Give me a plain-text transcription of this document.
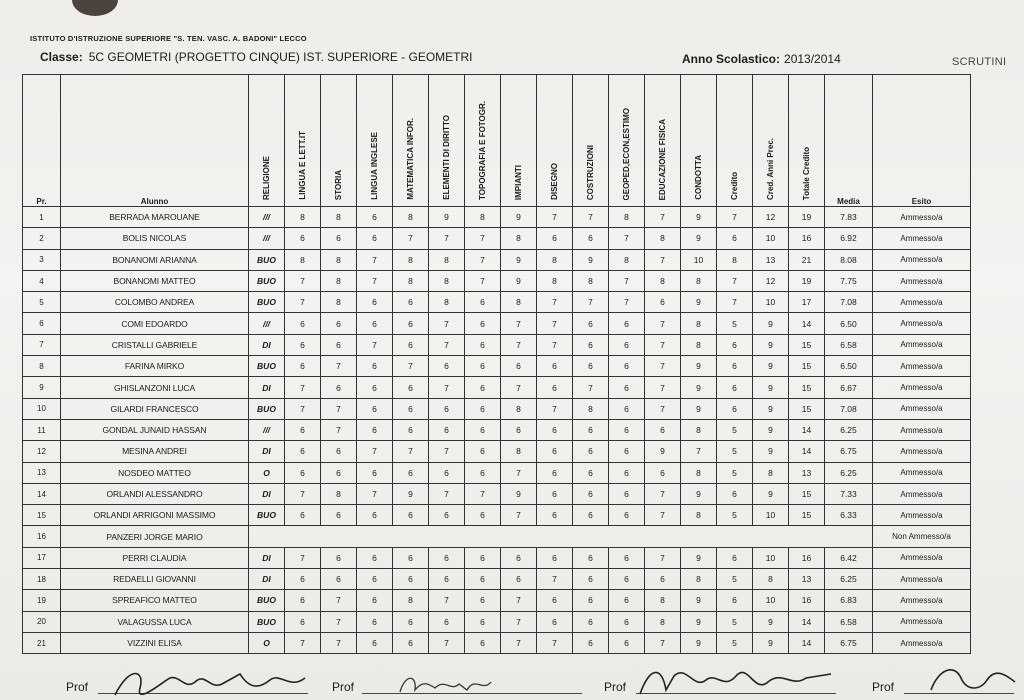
ISTITUTO D'ISTRUZIONE SUPERIORE "S. TEN. VASC. A. BADONI" LECCO
Classe: 5C GEOMETRI (PROGETTO CINQUE) IST. SUPERIORE - GEOMETRI	Anno Scolastico: 2013/2014	SCRUTINI
Pr.	Alunno	RELIGIONE	LINGUA E LETT.IT	STORIA	LINGUA INGLESE	MATEMATICA INFOR.	ELEMENTI DI DIRITTO	TOPOGRAFIA E FOTOGR.	IMPIANTI	DISEGNO	COSTRUZIONI	GEOPED,ECON,ESTIMO	EDUCAZIONE FISICA	CONDOTTA	Credito	Cred. Anni Prec.	Totale Credito	Media	Esito
1	BERRADA MAROUANE	///	8	8	6	8	9	8	9	7	7	8	7	9	7	12	19	7.83	Ammesso/a
2	BOLIS NICOLAS	///	6	6	6	7	7	7	8	6	6	7	8	9	6	10	16	6.92	Ammesso/a
3	BONANOMI ARIANNA	BUO	8	8	7	8	8	7	9	8	9	8	7	10	8	13	21	8.08	Ammesso/a
4	BONANOMI MATTEO	BUO	7	8	7	8	8	7	9	8	8	7	8	8	7	12	19	7.75	Ammesso/a
5	COLOMBO ANDREA	BUO	7	8	6	6	8	6	8	7	7	7	6	9	7	10	17	7.08	Ammesso/a
6	COMI EDOARDO	///	6	6	6	6	7	6	7	7	6	6	7	8	5	9	14	6.50	Ammesso/a
7	CRISTALLI GABRIELE	DI	6	6	7	6	7	6	7	7	6	6	7	8	6	9	15	6.58	Ammesso/a
8	FARINA MIRKO	BUO	6	7	6	7	6	6	6	6	6	6	7	9	6	9	15	6.50	Ammesso/a
9	GHISLANZONI LUCA	DI	7	6	6	6	7	6	7	6	7	6	7	9	6	9	15	6.67	Ammesso/a
10	GILARDI FRANCESCO	BUO	7	7	6	6	6	6	8	7	8	6	7	9	6	9	15	7.08	Ammesso/a
11	GONDAL JUNAID HASSAN	///	6	7	6	6	6	6	6	6	6	6	6	8	5	9	14	6.25	Ammesso/a
12	MESINA ANDREI	DI	6	6	7	7	7	6	8	6	6	6	9	7	5	9	14	6.75	Ammesso/a
13	NOSDEO MATTEO	O	6	6	6	6	6	6	7	6	6	6	6	8	5	8	13	6.25	Ammesso/a
14	ORLANDI ALESSANDRO	DI	7	8	7	9	7	7	9	6	6	6	7	9	6	9	15	7.33	Ammesso/a
15	ORLANDI ARRIGONI MASSIMO	BUO	6	6	6	6	6	6	7	6	6	6	7	8	5	10	15	6.33	Ammesso/a
16	PANZERI JORGE MARIO																		Non Ammesso/a
17	PERRI CLAUDIA	DI	7	6	6	6	6	6	6	6	6	6	7	9	6	10	16	6.42	Ammesso/a
18	REDAELLI GIOVANNI	DI	6	6	6	6	6	6	6	7	6	6	6	8	5	8	13	6.25	Ammesso/a
19	SPREAFICO MATTEO	BUO	6	7	6	8	7	6	7	6	6	6	8	9	6	10	16	6.83	Ammesso/a
20	VALAGUSSA LUCA	BUO	6	7	6	6	6	6	7	6	6	6	8	9	5	9	14	6.58	Ammesso/a
21	VIZZINI ELISA	O	7	7	6	6	7	6	7	7	6	6	7	9	5	9	14	6.75	Ammesso/a
Prof	Prof	Prof	Prof
